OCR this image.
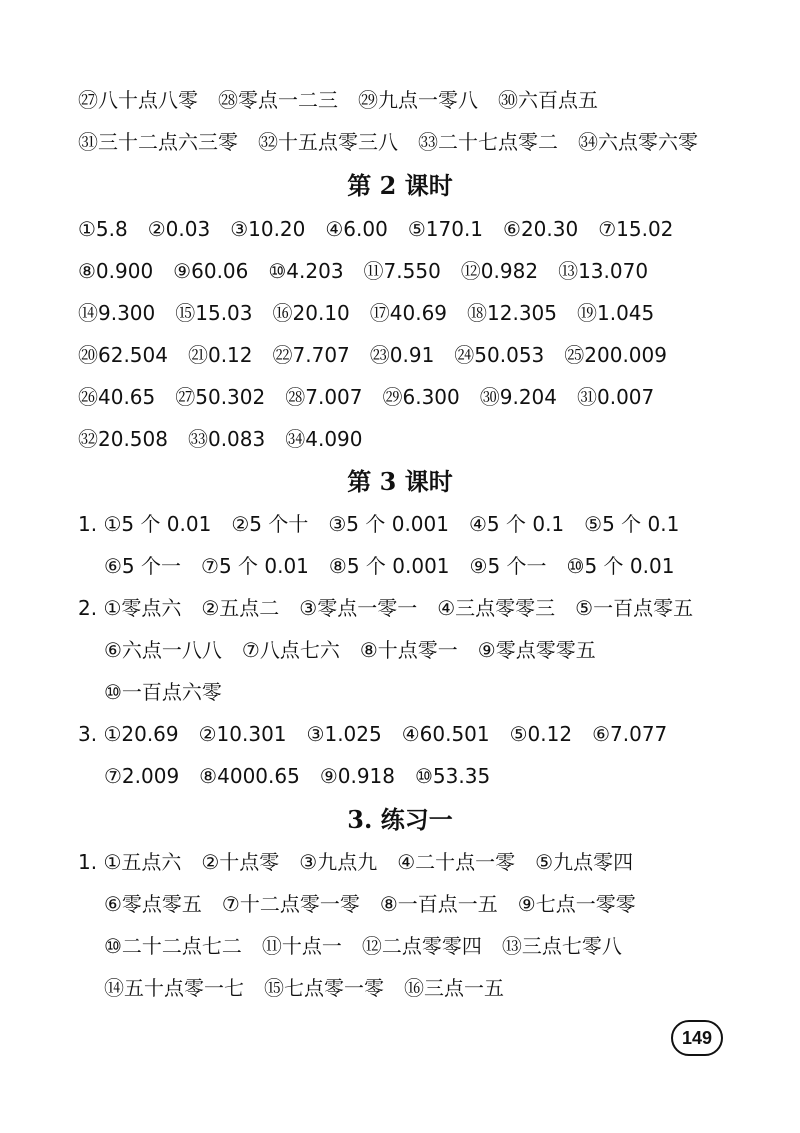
㉗八十点八零　㉘零点一二三　㉙九点一零八　㉚六百点五
㉛三十二点六三零　㉜十五点零三八　㉝二十七点零二　㉞六点零六零
第 2 课时
①5.8　②0.03　③10.20　④6.00　⑤170.1　⑥20.30　⑦15.02
⑧0.900　⑨60.06　⑩4.203　⑪7.550　⑫0.982　⑬13.070
⑭9.300　⑮15.03　⑯20.10　⑰40.69　⑱12.305　⑲1.045
⑳62.504　㉑0.12　㉒7.707　㉓0.91　㉔50.053　㉕200.009
㉖40.65　㉗50.302　㉘7.007　㉙6.300　㉚9.204　㉛0.007
㉜20.508　㉝0.083　㉞4.090
第 3 课时
1. ①5 个 0.01　②5 个十　③5 个 0.001　④5 个 0.1　⑤5 个 0.1
⑥5 个一　⑦5 个 0.01　⑧5 个 0.001　⑨5 个一　⑩5 个 0.01
2. ①零点六　②五点二　③零点一零一　④三点零零三　⑤一百点零五
⑥六点一八八　⑦八点七六　⑧十点零一　⑨零点零零五
⑩一百点六零
3. ①20.69　②10.301　③1.025　④60.501　⑤0.12　⑥7.077
⑦2.009　⑧4000.65　⑨0.918　⑩53.35
3. 练习一
1. ①五点六　②十点零　③九点九　④二十点一零　⑤九点零四
⑥零点零五　⑦十二点零一零　⑧一百点一五　⑨七点一零零
⑩二十二点七二　⑪十点一　⑫二点零零四　⑬三点七零八
⑭五十点零一七　⑮七点零一零　⑯三点一五
149
